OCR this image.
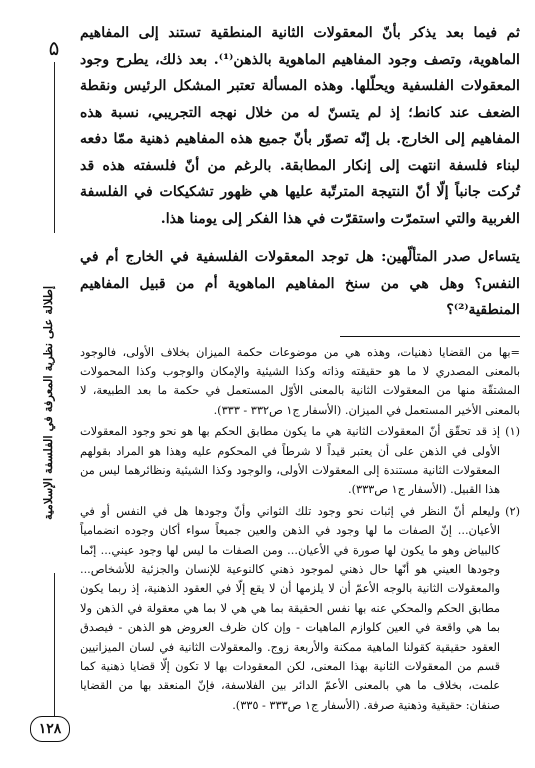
۵
إطلالة على نظرية المعرفة في الفلسفة الإسلامية
١٢٨

ثم فيما بعد يذكر بأنّ المعقولات الثانية المنطقية تستند إلى المفاهيم الماهوية، وتصف وجود المفاهيم الماهوية بالذهن⁽¹⁾. بعد ذلك، يطرح وجود المعقولات الفلسفية ويحلّلها. وهذه المسألة تعتبر المشكل الرئيس ونقطة الضعف عند كانط؛ إذ لم يتسنّ له من خلال نهجه التجريبي، نسبة هذه المفاهيم إلى الخارج. بل إنّه تصوّر بأنّ جميع هذه المفاهيم ذهنية ممّا دفعه لبناء فلسفة انتهت إلى إنكار المطابقة. بالرغم من أنّ فلسفته هذه قد تُركت جانباً إلّا أنّ النتيجة المترتّبة عليها هي ظهور تشكيكات في الفلسفة الغربية والتي استمرّت واستقرّت في هذا الفكر إلى يومنا هذا.

يتساءل صدر المتألّهين: هل توجد المعقولات الفلسفية في الخارج أم في النفس؟ وهل هي من سنخ المفاهيم الماهوية أم من قبيل المفاهيم المنطقية⁽²⁾؟

=بها من القضايا ذهنيات، وهذه هي من موضوعات حكمة الميزان بخلاف الأولى، فالوجود بالمعنى المصدري لا ما هو حقيقته وذاته وكذا الشيئية والإمكان والوجوب وكذا المحمولات المشتقّة منها من المعقولات الثانية بالمعنى الأوّل المستعمل في حكمة ما بعد الطبيعة، لا بالمعنى الأخير المستعمل في الميزان. (الأسفار ج١ ص٣٣٢ - ٣٣٣).

(١)

إذ قد تحقّق أنّ المعقولات الثانية هي ما يكون مطابق الحكم بها هو نحو وجود المعقولات الأولى في الذهن على أن يعتبر قيداً لا شرطاً في المحكوم عليه وهذا هو المراد بقولهم المعقولات الثانية مستندة إلى المعقولات الأولى، والوجود وكذا الشيئية ونظائرهما ليس من هذا القبيل. (الأسفار ج١ ص٣٣٣).

(٢)

وليعلم أنّ النظر في إثبات نحو وجود تلك الثواني وأنّ وجودها هل في النفس أو في الأعيان... إنّ الصفات ما لها وجود في الذهن والعين جميعاً سواء أكان وجوده انضمامياً كالبياض وهو ما يكون لها صورة في الأعيان... ومن الصفات ما ليس لها وجود عيني... إنّما وجودها العيني هو أنّها حال ذهني لموجود ذهني كالنوعية للإنسان والجزئية للأشخاص... والمعقولات الثانية بالوجه الأعمّ أن لا يلزمها أن لا يقع إلّا في العقود الذهنية، إذ ربما يكون مطابق الحكم والمحكي عنه بها نفس الحقيقة بما هي هي لا بما هي معقولة في الذهن ولا بما هي واقعة في العين كلوازم الماهيات - وإن كان ظرف العروض هو الذهن - فيصدق العقود حقيقية كقولنا الماهية ممكنة والأربعة زوج. والمعقولات الثانية في لسان الميزانيين قسم من المعقولات الثانية بهذا المعنى، لكن المعقودات بها لا تكون إلّا قضايا ذهنية كما علمت، بخلاف ما هي بالمعنى الأعمّ الدائر بين الفلاسفة، فإنّ المنعقد بها من القضايا صنفان: حقيقية وذهنية صرفة. (الأسفار ج١ ص٣٣٣ - ٣٣٥).
